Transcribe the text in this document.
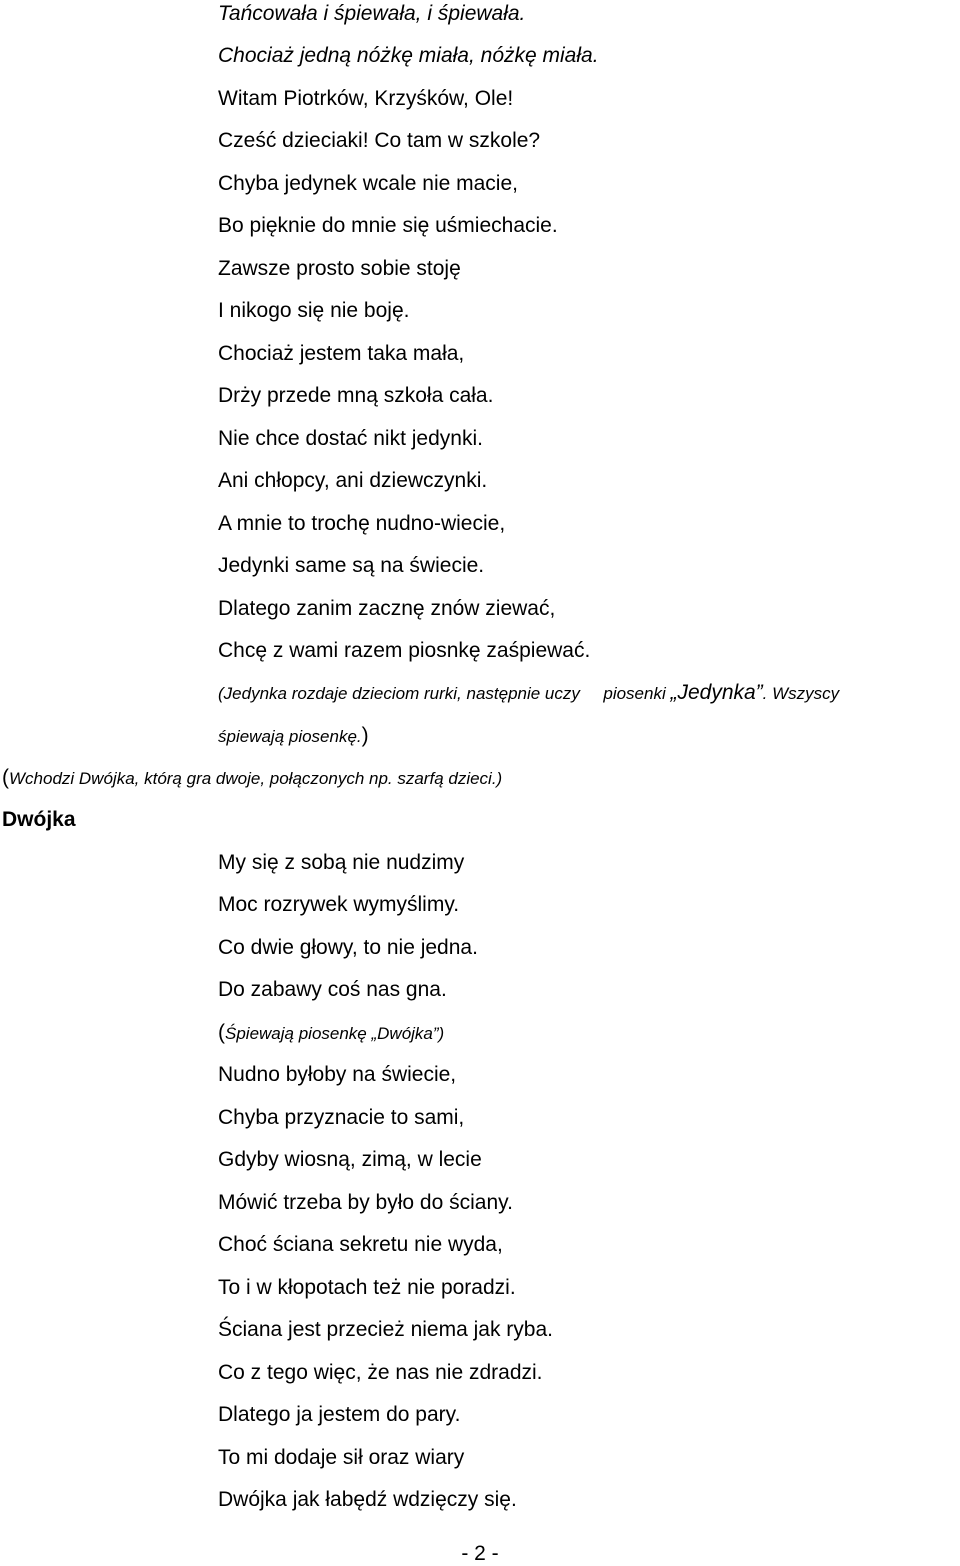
Tańcowała i śpiewała, i śpiewała.
Chociaż jedną nóżkę miała, nóżkę miała.
Witam Piotrków, Krzyśków, Ole!
Cześć dzieciaki! Co tam w szkole?
Chyba jedynek wcale nie macie,
Bo pięknie do mnie się uśmiechacie.
Zawsze prosto sobie stoję
I nikogo się nie boję.
Chociaż jestem taka mała,
Drży przede mną szkoła cała.
Nie chce dostać nikt jedynki.
Ani chłopcy, ani dziewczynki.
A mnie to trochę nudno-wiecie,
Jedynki same są na świecie.
Dlatego zanim zacznę znów ziewać,
Chcę z wami razem piosnkę zaśpiewać.
(Jedynka rozdaje dzieciom rurki, następnie uczy piosenki „Jedynka”. Wszyscy
śpiewają piosenkę.)
(Wchodzi Dwójka, którą gra dwoje, połączonych np. szarfą dzieci.)
Dwójka
My się z sobą nie nudzimy
Moc rozrywek wymyślimy.
Co dwie głowy, to nie jedna.
Do zabawy coś nas gna.
(Śpiewają piosenkę „Dwójka”)
Nudno byłoby na świecie,
Chyba przyznacie to sami,
Gdyby wiosną, zimą, w lecie
Mówić trzeba by było do ściany.
Choć ściana sekretu nie wyda,
To i w kłopotach też nie poradzi.
Ściana jest przecież niema jak ryba.
Co z tego więc, że nas nie zdradzi.
Dlatego ja jestem do pary.
To mi dodaje sił oraz wiary
Dwójka jak łabędź wdzięczy się.
- 2 -
